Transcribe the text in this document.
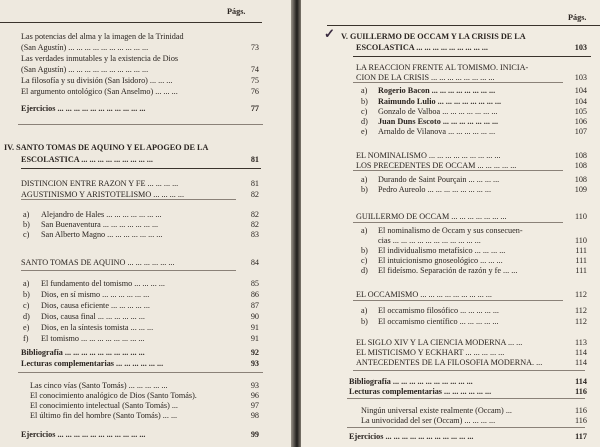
Págs.
Las potencias del alma y la imagen de la Trinidad
(San Agustín) ... ... ... ... ... ... ... ... ... ...	73
Las verdades inmutables y la existencia de Dios
(San Agustín) ... ... ... ... ... ... ... ... ... ...	74
La filosofía y su división (San Isidoro) ... ... ...	75
El argumento ontológico (San Anselmo) ... ... ...	76
Ejercicios ... ... ... ... ... ... ... ... ... ... ...	77
IV. SANTO TOMAS DE AQUINO Y EL APOGEO DE LA
ESCOLASTICA ... ... ... ... ... ... ... ... ...	81
DISTINCION ENTRE RAZON Y FE ... ... ... ...	81
AGUSTINISMO Y ARISTOTELISMO ... ... ... ...	82
a) Alejandro de Hales ... ... ... ... ... ... ...	82
b) San Buenaventura ... ... ... ... ... ... ...	82
c) San Alberto Magno ... ... ... ... ... ... ...	83
SANTO TOMAS DE AQUINO ... ... ... ... ... ...	84
a) El fundamento del tomismo ... ... ... ...	85
b) Dios, en sí mismo ... ... ... ... ... ...	86
c) Dios, causa eficiente ... ... ... ... ...	87
d) Dios, causa final ... ... ... ... ... ...	90
e) Dios, en la síntesis tomista ... ... ...	91
f) El tomismo ... ... ... ... ... ... ... ...	91
Bibliografía ... ... ... ... ... ... ... ... ... ...	92
Lecturas complementarias ... ... ... ... ... ...	93
Las cinco vías (Santo Tomás) ... ... ... ... ...	93
El conocimiento analógico de Dios (Santo Tomás).	96
El conocimiento intelectual (Santo Tomás) ...	97
El último fin del hombre (Santo Tomás) ... ...	98
Ejercicios ... ... ... ... ... ... ... ... ... ... ...	99
Págs.
✓ V. GUILLERMO DE OCCAM Y LA CRISIS DE LA
ESCOLASTICA ... ... ... ... ... ... ... ... ...	103
LA REACCION FRENTE AL TOMISMO. INICIA-
CION DE LA CRISIS ... ... ... ... ... ... ... ...	103
a) Rogerio Bacon ... ... ... ... ... ... ... ...	104
b) Raimundo Lulio ... ... ... ... ... ... ... ...	104
c) Gonzalo de Valboa ... ... ... ... ... ... ...	105
d) Juan Duns Escoto ... ... ... ... ... ... ...	106
e) Arnaldo de Vilanova ... ... ... ... ... ...	107
EL NOMINALISMO ... ... ... ... ... ... ... ... ...	108
LOS PRECEDENTES DE OCCAM ... ... ... ... ...	108
a) Durando de Saint Pourçain ... ... ... ...	108
b) Pedro Aureolo ... ... ... ... ... ... ... ...	109
GUILLERMO DE OCCAM ... ... ... ... ... ... ...	110
a) El nominalismo de Occam y sus consecuen-
cias ... ... ... ... ... ... ... ... ... ... ...	110
b) El individualismo metafísico ... ... ... ...	111
c) El intuicionismo gnoseológico ... ... ...	111
d) El fideísmo. Separación de razón y fe ... ...	111
EL OCCAMISMO ... ... ... ... ... ... ... ... ...	112
a) El occamismo filosófico ... ... ... ... ...	112
b) El occamismo científico ... ... ... ... ...	112
EL SIGLO XIV Y LA CIENCIA MODERNA ... ...	113
EL MISTICISMO Y ECKHART ... ... ... ... ...	114
ANTECEDENTES DE LA FILOSOFIA MODERNA. ...	114
Bibliografía ... ... ... ... ... ... ... ... ... ...	114
Lecturas complementarias ... ... ... ... ... ...	116
Ningún universal existe realmente (Occam) ...	116
La univocidad del ser (Occam) ... ... ... ...	116
Ejercicios ... ... ... ... ... ... ... ... ... ... ...	117
